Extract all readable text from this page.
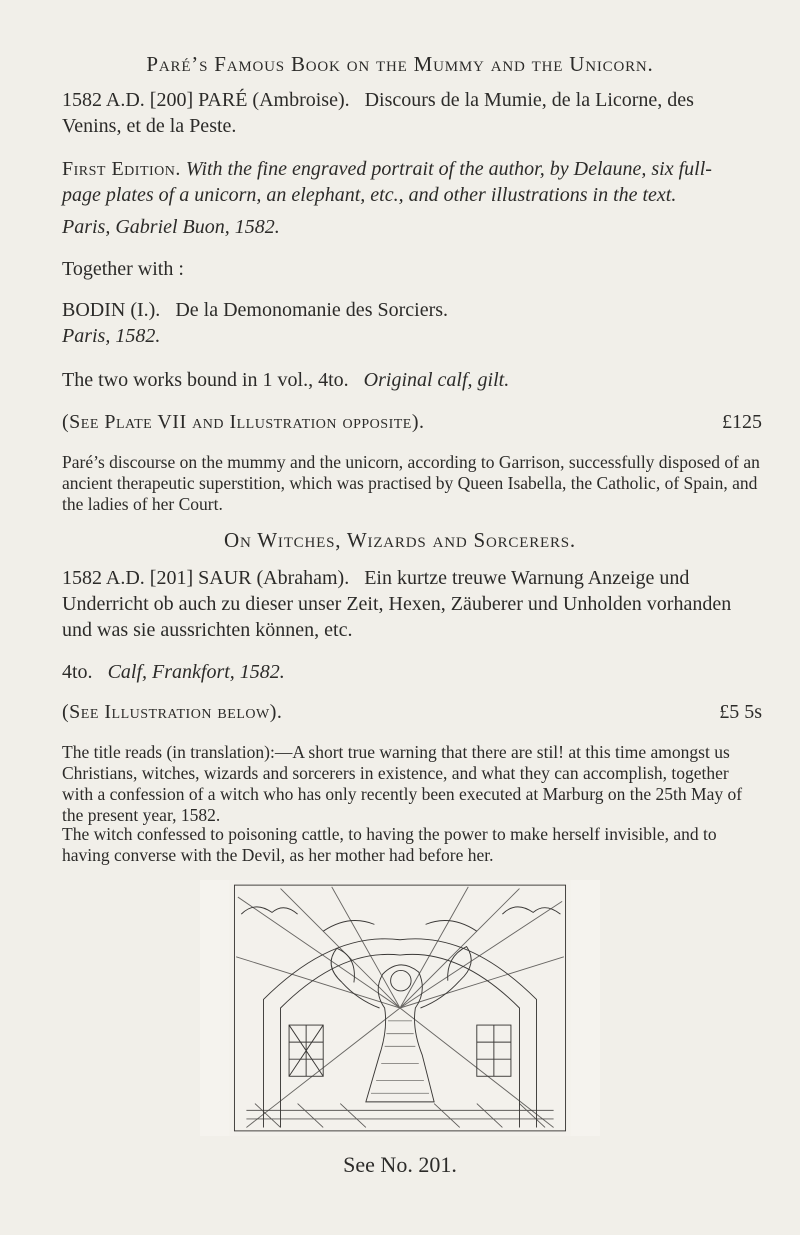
Paré’s Famous Book on the Mummy and the Unicorn.
1582 A.D. [200] PARÉ (Ambroise). Discours de la Mumie, de la Licorne, des
Venins, et de la Peste.
First Edition. With the fine engraved portrait of the author, by Delaune, six full-
page plates of a unicorn, an elephant, etc., and other illustrations in the text.
Paris, Gabriel Buon, 1582.
Together with :
BODIN (I.). De la Demonomanie des Sorciers.
Paris, 1582.
The two works bound in 1 vol., 4to. Original calf, gilt.
(See Plate VII and Illustration opposite).	£125
Paré’s discourse on the mummy and the unicorn, according to Garrison, successfully disposed of an ancient therapeutic superstition, which was practised by Queen Isabella, the Catholic, of Spain, and the ladies of her Court.
On Witches, Wizards and Sorcerers.
1582 A.D. [201] SAUR (Abraham). Ein kurtze treuwe Warnung Anzeige und
Underricht ob auch zu dieser unser Zeit, Hexen, Zäuberer und Unholden vorhanden
und was sie aussrichten können, etc.
4to. Calf, Frankfort, 1582.
(See Illustration below).	£5 5s
The title reads (in translation):—A short true warning that there are stil! at this time amongst us Christians, witches, wizards and sorcerers in existence, and what they can accomplish, together with a confession of a witch who has only recently been executed at Marburg on the 25th May of the present year, 1582.
The witch confessed to poisoning cattle, to having the power to make herself invisible, and to having converse with the Devil, as her mother had before her.
See No. 201.
